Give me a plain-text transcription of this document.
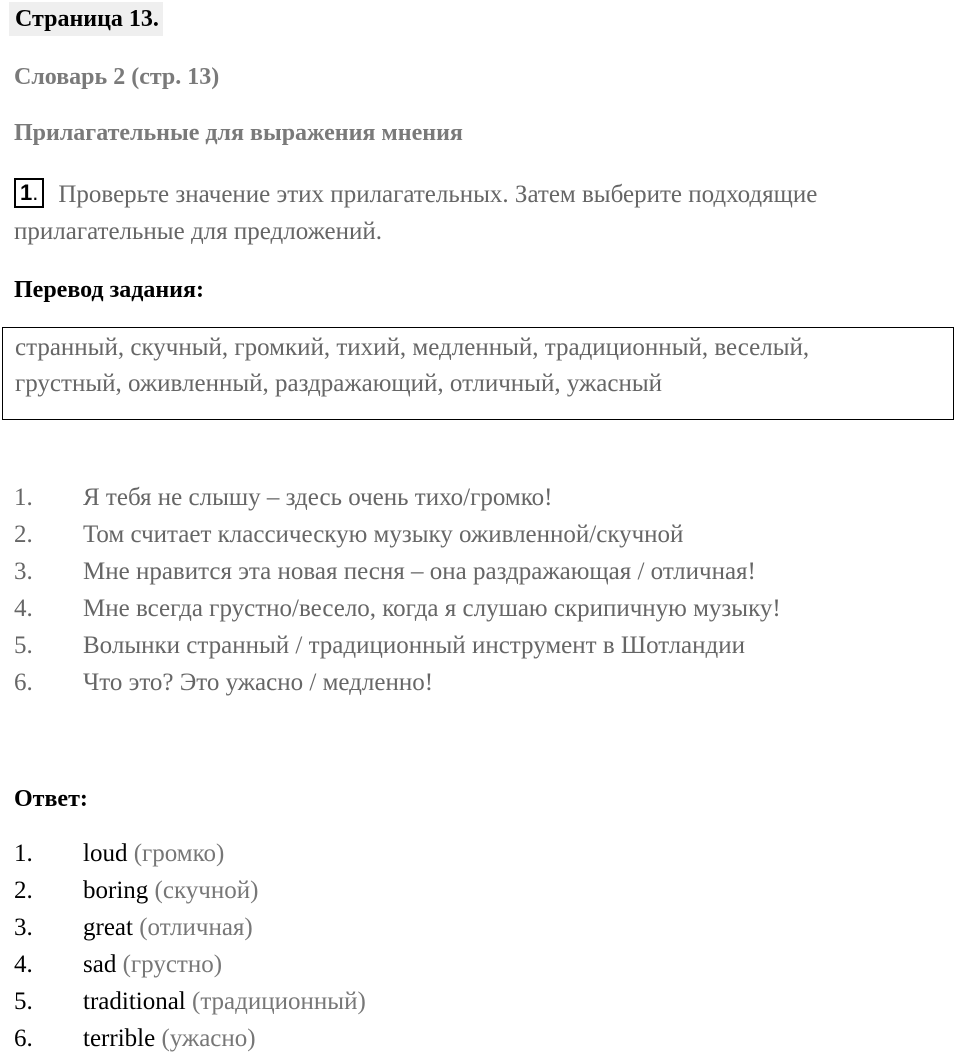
Страница 13.
Словарь 2 (стр. 13)
Прилагательные для выражения мнения
1. Проверьте значение этих прилагательных. Затем выберите подходящие
прилагательные для предложений.
Перевод задания:
странный, скучный, громкий, тихий, медленный, традиционный, веселый,
грустный, оживленный, раздражающий, отличный, ужасный
1. Я тебя не слышу – здесь очень тихо/громко!
2. Том считает классическую музыку оживленной/скучной
3. Мне нравится эта новая песня – она раздражающая / отличная!
4. Мне всегда грустно/весело, когда я слушаю скрипичную музыку!
5. Волынки странный / традиционный инструмент в Шотландии
6. Что это? Это ужасно / медленно!
Ответ:
1. loud (громко)
2. boring (скучной)
3. great (отличная)
4. sad (грустно)
5. traditional (традиционный)
6. terrible (ужасно)
